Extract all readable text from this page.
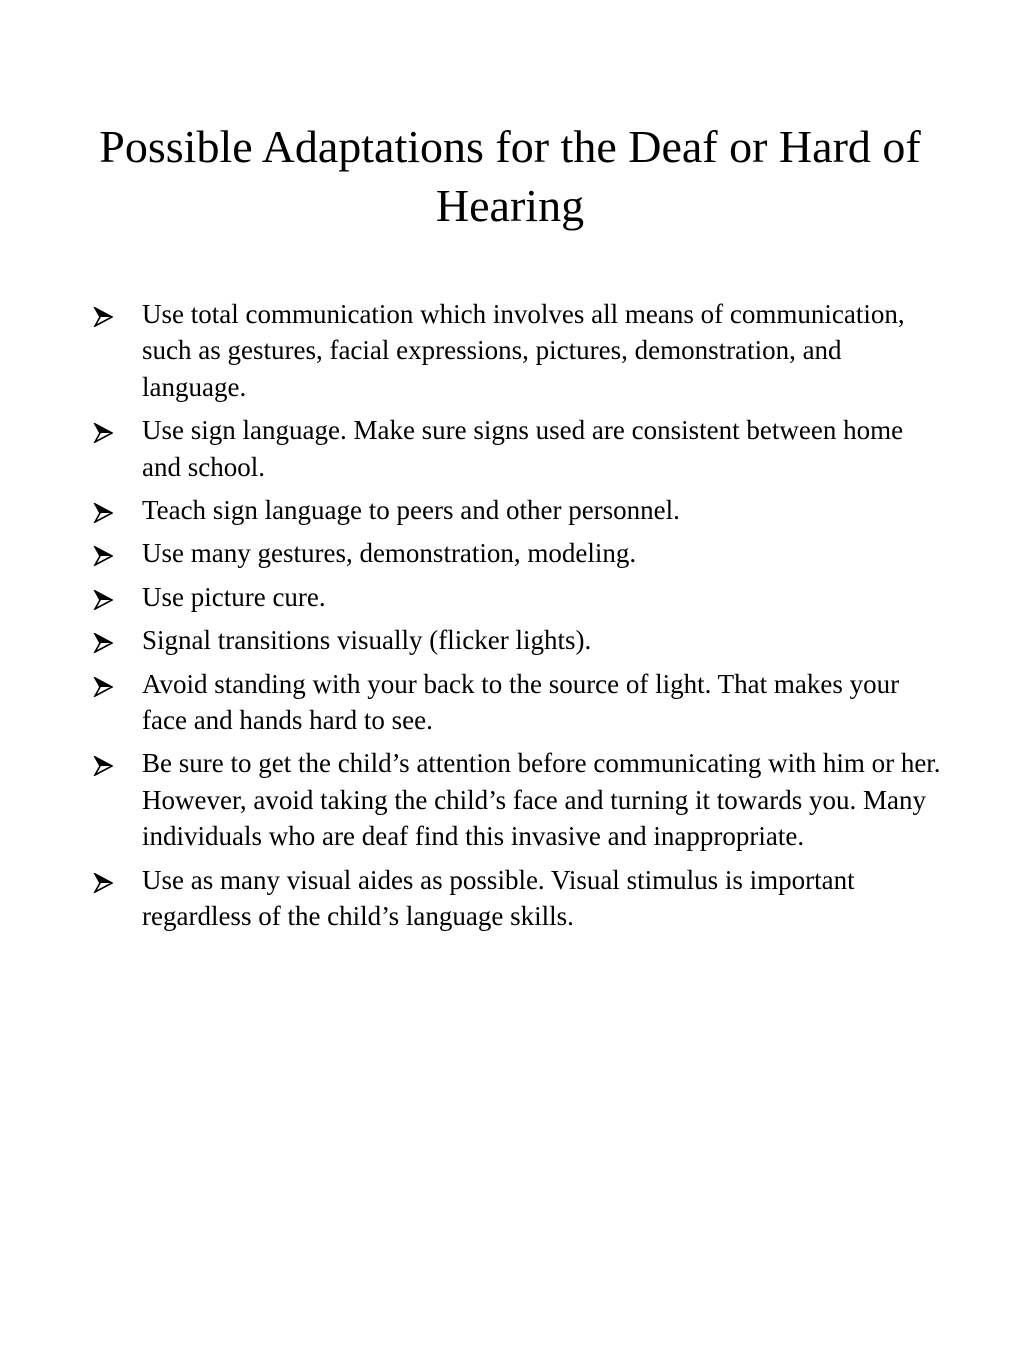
Possible Adaptations for the Deaf or Hard of Hearing
Use total communication which involves all means of communication, such as gestures, facial expressions, pictures, demonstration, and language.
Use sign language. Make sure signs used are consistent between home and school.
Teach sign language to peers and other personnel.
Use many gestures, demonstration, modeling.
Use picture cure.
Signal transitions visually (flicker lights).
Avoid standing with your back to the source of light. That makes your face and hands hard to see.
Be sure to get the child’s attention before communicating with him or her. However, avoid taking the child’s face and turning it towards you. Many individuals who are deaf find this invasive and inappropriate.
Use as many visual aides as possible. Visual stimulus is important regardless of the child’s language skills.
